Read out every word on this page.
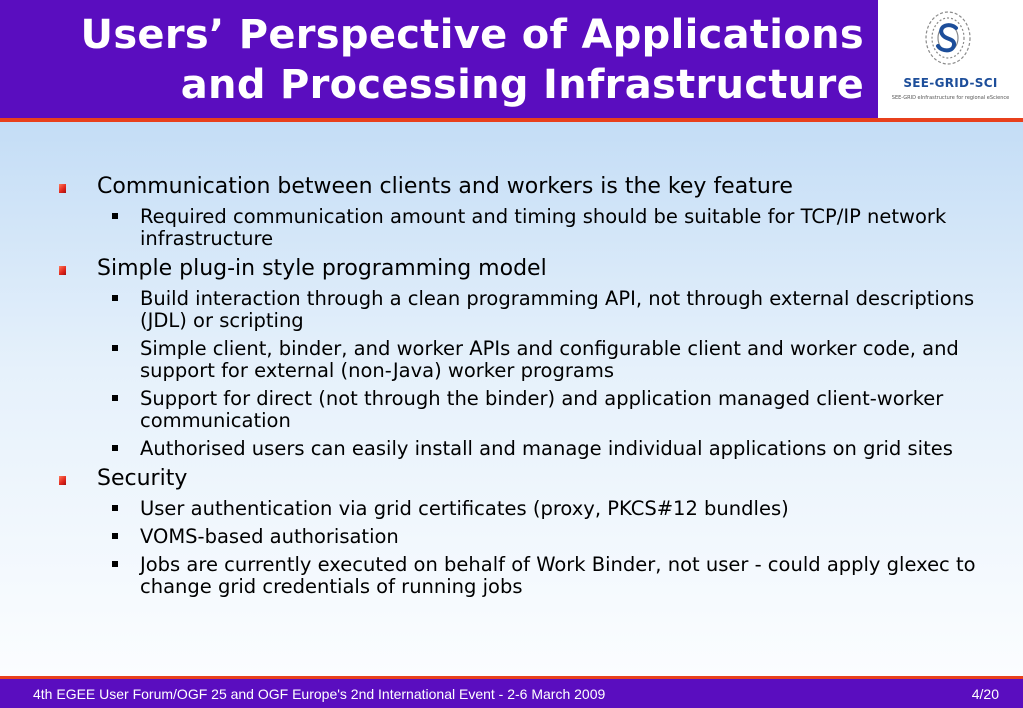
Users’ Perspective of Applications
and Processing Infrastructure	SEE-GRID-SCI
SEE-GRID eInfrastructure for regional eScience
Communication between clients and workers is the key feature
Required communication amount and timing should be suitable for TCP/IP network infrastructure
Simple plug-in style programming model
Build interaction through a clean programming API, not through external descriptions (JDL) or scripting
Simple client, binder, and worker APIs and configurable client and worker code, and support for external (non-Java) worker programs
Support for direct (not through the binder) and application managed client-worker communication
Authorised users can easily install and manage individual applications on grid sites
Security
User authentication via grid certificates (proxy, PKCS#12 bundles)
VOMS-based authorisation
Jobs are currently executed on behalf of Work Binder, not user - could apply glexec to change grid credentials of running jobs
4th EGEE User Forum/OGF 25 and OGF Europe's 2nd International Event - 2-6 March 2009	4/20
